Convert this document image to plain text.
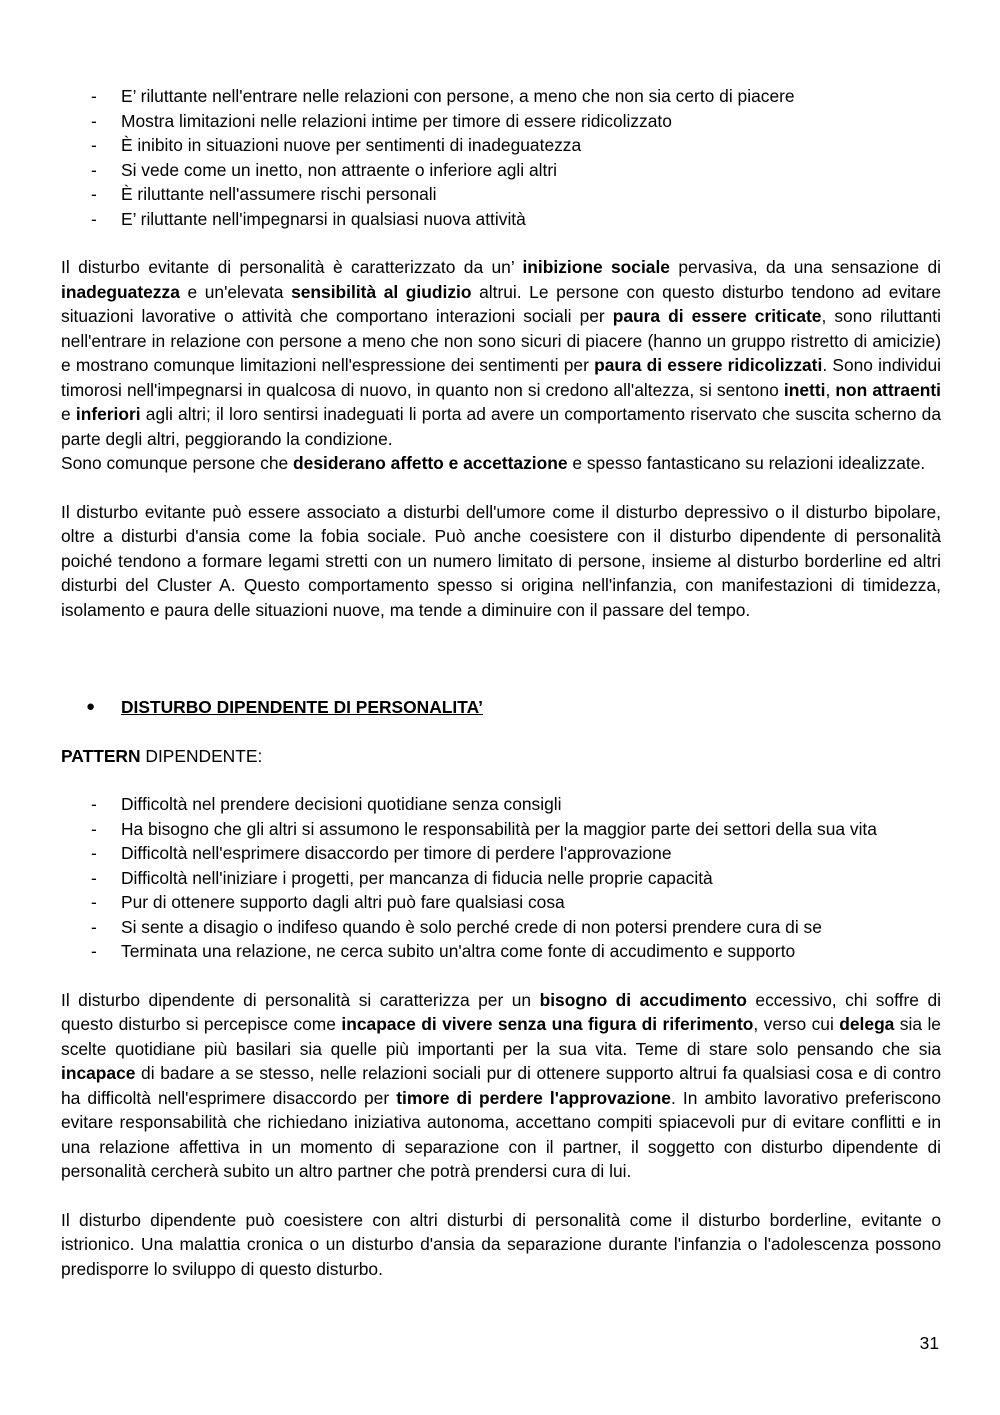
- E’ riluttante nell'entrare nelle relazioni con persone, a meno che non sia certo di piacere
- Mostra limitazioni nelle relazioni intime per timore di essere ridicolizzato
- È inibito in situazioni nuove per sentimenti di inadeguatezza
- Si vede come un inetto, non attraente o inferiore agli altri
- È riluttante nell'assumere rischi personali
- E’ riluttante nell'impegnarsi in qualsiasi nuova attività

Il disturbo evitante di personalità è caratterizzato da un’ inibizione sociale pervasiva, da una sensazione di inadeguatezza e un'elevata sensibilità al giudizio altrui. Le persone con questo disturbo tendono ad evitare situazioni lavorative o attività che comportano interazioni sociali per paura di essere criticate, sono riluttanti nell'entrare in relazione con persone a meno che non sono sicuri di piacere (hanno un gruppo ristretto di amicizie) e mostrano comunque limitazioni nell'espressione dei sentimenti per paura di essere ridicolizzati. Sono individui timorosi nell'impegnarsi in qualcosa di nuovo, in quanto non si credono all'altezza, si sentono inetti, non attraenti e inferiori agli altri; il loro sentirsi inadeguati li porta ad avere un comportamento riservato che suscita scherno da parte degli altri, peggiorando la condizione.

Sono comunque persone che desiderano affetto e accettazione e spesso fantasticano su relazioni idealizzate.

Il disturbo evitante può essere associato a disturbi dell'umore come il disturbo depressivo o il disturbo bipolare, oltre a disturbi d'ansia come la fobia sociale. Può anche coesistere con il disturbo dipendente di personalità poiché tendono a formare legami stretti con un numero limitato di persone, insieme al disturbo borderline ed altri disturbi del Cluster A. Questo comportamento spesso si origina nell'infanzia, con manifestazioni di timidezza, isolamento e paura delle situazioni nuove, ma tende a diminuire con il passare del tempo.

● DISTURBO DIPENDENTE DI PERSONALITA’
PATTERN DIPENDENTE:
- Difficoltà nel prendere decisioni quotidiane senza consigli
- Ha bisogno che gli altri si assumono le responsabilità per la maggior parte dei settori della sua vita
- Difficoltà nell'esprimere disaccordo per timore di perdere l'approvazione
- Difficoltà nell'iniziare i progetti, per mancanza di fiducia nelle proprie capacità
- Pur di ottenere supporto dagli altri può fare qualsiasi cosa
- Si sente a disagio o indifeso quando è solo perché crede di non potersi prendere cura di se
- Terminata una relazione, ne cerca subito un'altra come fonte di accudimento e supporto

Il disturbo dipendente di personalità si caratterizza per un bisogno di accudimento eccessivo, chi soffre di questo disturbo si percepisce come incapace di vivere senza una figura di riferimento, verso cui delega sia le scelte quotidiane più basilari sia quelle più importanti per la sua vita. Teme di stare solo pensando che sia incapace di badare a se stesso, nelle relazioni sociali pur di ottenere supporto altrui fa qualsiasi cosa e di contro ha difficoltà nell'esprimere disaccordo per timore di perdere l'approvazione. In ambito lavorativo preferiscono evitare responsabilità che richiedano iniziativa autonoma, accettano compiti spiacevoli pur di evitare conflitti e in una relazione affettiva in un momento di separazione con il partner, il soggetto con disturbo dipendente di personalità cercherà subito un altro partner che potrà prendersi cura di lui.

Il disturbo dipendente può coesistere con altri disturbi di personalità come il disturbo borderline, evitante o istrionico. Una malattia cronica o un disturbo d'ansia da separazione durante l'infanzia o l'adolescenza possono predisporre lo sviluppo di questo disturbo.

31
